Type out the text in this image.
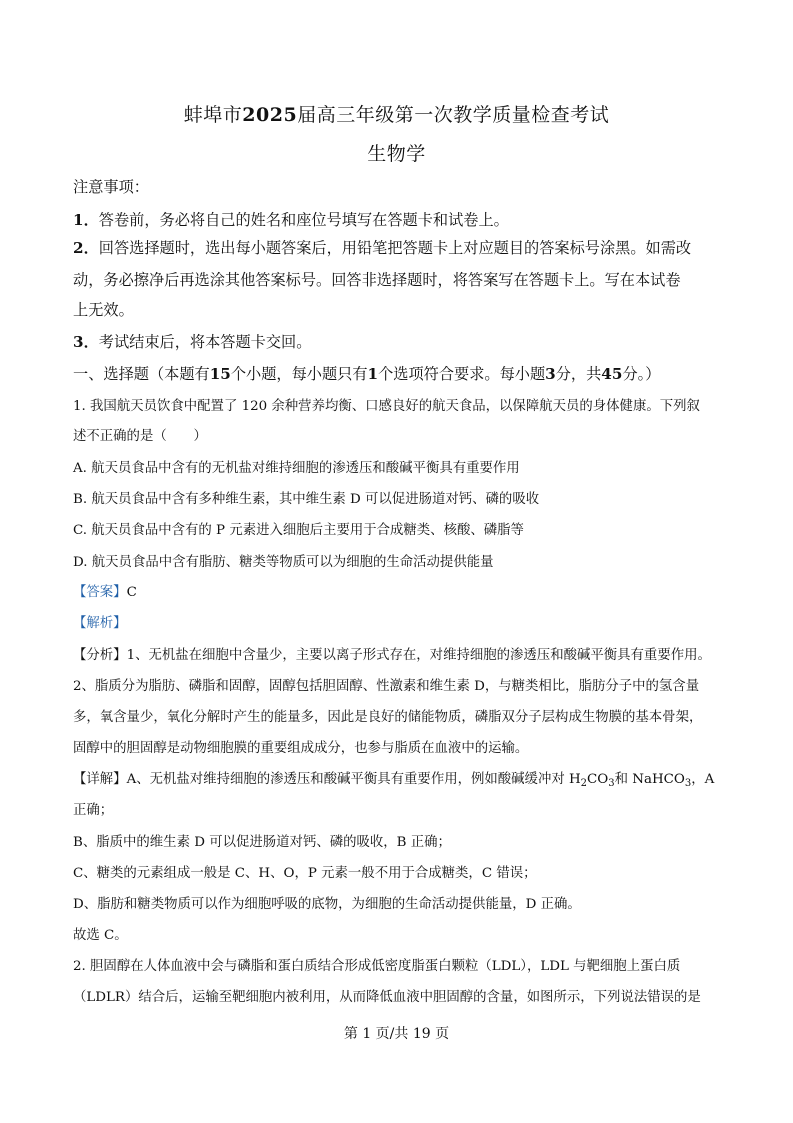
蚌埠市2025届高三年级第一次教学质量检查考试
生物学
注意事项：
1．答卷前，务必将自己的姓名和座位号填写在答题卡和试卷上。
2．回答选择题时，选出每小题答案后，用铅笔把答题卡上对应题目的答案标号涂黑。如需改
动，务必擦净后再选涂其他答案标号。回答非选择题时，将答案写在答题卡上。写在本试卷
上无效。
3．考试结束后，将本答题卡交回。
一、选择题（本题有15个小题，每小题只有1个选项符合要求。每小题3分，共45分。）
1. 我国航天员饮食中配置了 120 余种营养均衡、口感良好的航天食品，以保障航天员的身体健康。下列叙
述不正确的是（　　）
A. 航天员食品中含有的无机盐对维持细胞的渗透压和酸碱平衡具有重要作用
B. 航天员食品中含有多种维生素，其中维生素 D 可以促进肠道对钙、磷的吸收
C. 航天员食品中含有的 P 元素进入细胞后主要用于合成糖类、核酸、磷脂等
D. 航天员食品中含有脂肪、糖类等物质可以为细胞的生命活动提供能量
【答案】C
【解析】
【分析】1、无机盐在细胞中含量少，主要以离子形式存在，对维持细胞的渗透压和酸碱平衡具有重要作用。
2、脂质分为脂肪、磷脂和固醇，固醇包括胆固醇、性激素和维生素 D，与糖类相比，脂肪分子中的氢含量
多，氧含量少，氧化分解时产生的能量多，因此是良好的储能物质，磷脂双分子层构成生物膜的基本骨架，
固醇中的胆固醇是动物细胞膜的重要组成成分，也参与脂质在血液中的运输。
【详解】A、无机盐对维持细胞的渗透压和酸碱平衡具有重要作用，例如酸碱缓冲对 $H_2CO_3$和 NaHCO$_3$，A
正确；
B、脂质中的维生素 D 可以促进肠道对钙、磷的吸收，B 正确；
C、糖类的元素组成一般是 C、H、O，P 元素一般不用于合成糖类，C 错误；
D、脂肪和糖类物质可以作为细胞呼吸的底物，为细胞的生命活动提供能量，D 正确。
故选 C。
2. 胆固醇在人体血液中会与磷脂和蛋白质结合形成低密度脂蛋白颗粒（LDL），LDL 与靶细胞上蛋白质
（LDLR）结合后，运输至靶细胞内被利用，从而降低血液中胆固醇的含量，如图所示，下列说法错误的是
第 1 页/共 19 页
